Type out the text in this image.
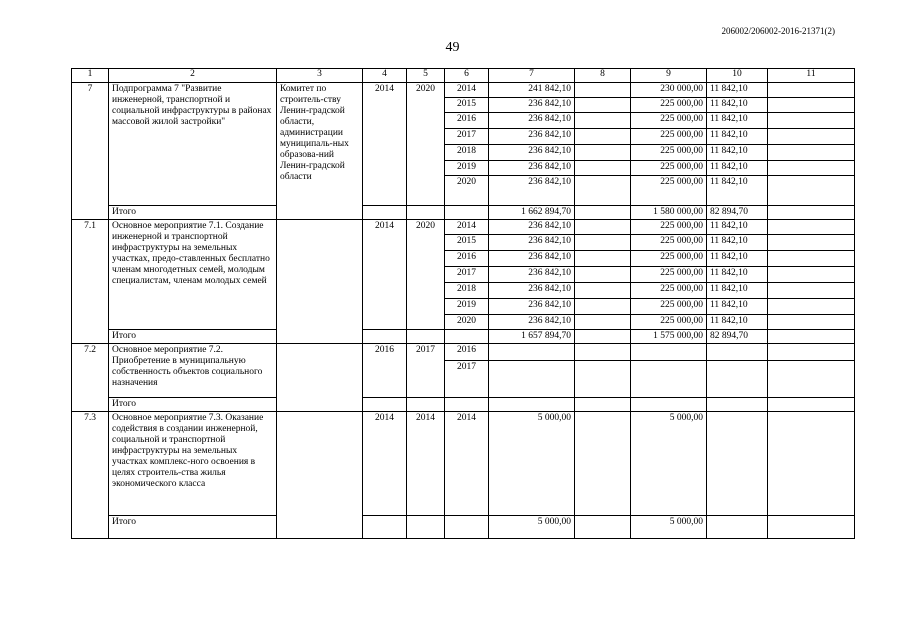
206002/206002-2016-21371(2)
49
1	2	3	4	5	6	7	8	9	10	11
7	Подпрограмма 7 "Развитие инженерной, транспортной и социальной инфраструктуры в районах массовой жилой застройки"	Комитет по строитель-ству Ленин-градской области, администрации муниципаль-ных образова-ний Ленин-градской области	2014	2020	2014	241 842,10		230 000,00	11 842,10	
					2015	236 842,10		225 000,00	11 842,10	
					2016	236 842,10		225 000,00	11 842,10	
					2017	236 842,10		225 000,00	11 842,10	
					2018	236 842,10		225 000,00	11 842,10	
					2019	236 842,10		225 000,00	11 842,10	
					2020	236 842,10		225 000,00	11 842,10	
	Итого					1 662 894,70		1 580 000,00	82 894,70	
7.1	Основное мероприятие 7.1. Создание инженерной и транспортной инфраструктуры на земельных участках, предо-ставленных бесплатно членам многодетных семей, молодым специалистам, членам молодых семей		2014	2020	2014	236 842,10		225 000,00	11 842,10	
					2015	236 842,10		225 000,00	11 842,10	
					2016	236 842,10		225 000,00	11 842,10	
					2017	236 842,10		225 000,00	11 842,10	
					2018	236 842,10		225 000,00	11 842,10	
					2019	236 842,10		225 000,00	11 842,10	
					2020	236 842,10		225 000,00	11 842,10	
	Итого					1 657 894,70		1 575 000,00	82 894,70	
7.2	Основное мероприятие 7.2. Приобретение в муниципальную собственность объектов социального назначения		2016	2017	2016					
					2017					
	Итого									
7.3	Основное мероприятие 7.3. Оказание содействия в создании инженерной, социальной и транспортной инфраструктуры на земельных участках комплекс-ного освоения в целях строитель-ства жилья экономического класса		2014	2014	2014	5 000,00		5 000,00		
	Итого					5 000,00		5 000,00		
